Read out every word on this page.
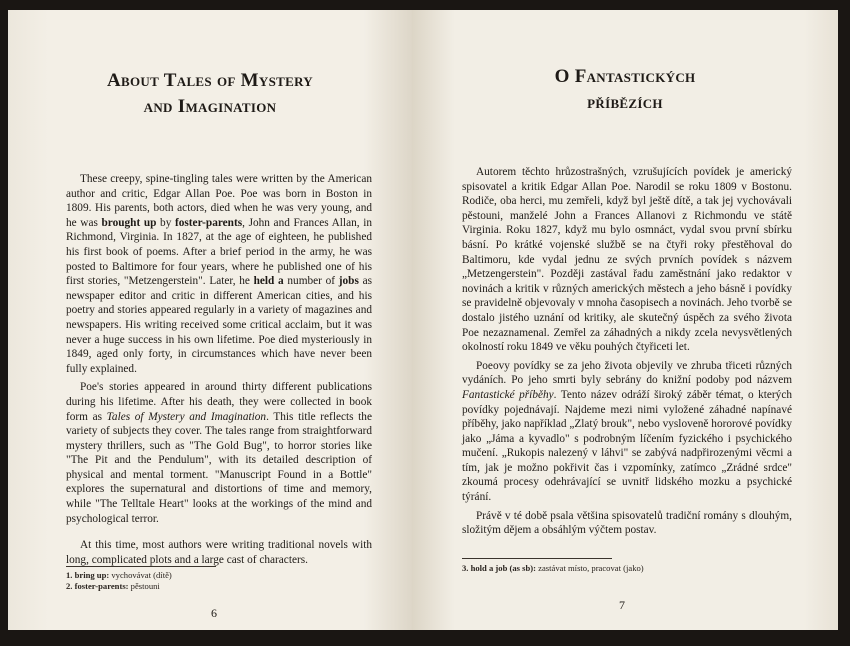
About Tales of Mystery
and Imagination

These creepy, spine-tingling tales were written by the American author and critic, Edgar Allan Poe. Poe was born in Boston in 1809. His parents, both actors, died when he was very young, and he was brought up by foster-parents, John and Frances Allan, in Richmond, Virginia. In 1827, at the age of eighteen, he published his first book of poems. After a brief period in the army, he was posted to Baltimore for four years, where he published one of his first stories, "Metzengerstein". Later, he held a number of jobs as newspaper editor and critic in different American cities, and his poetry and stories appeared regularly in a variety of magazines and newspapers. His writing received some critical acclaim, but it was never a huge success in his own lifetime. Poe died mysteriously in 1849, aged only forty, in circumstances which have never been fully explained.

Poe's stories appeared in around thirty different publications during his lifetime. After his death, they were collected in book form as Tales of Mystery and Imagination. This title reflects the variety of subjects they cover. The tales range from straightforward mystery thrillers, such as "The Gold Bug", to horror stories like "The Pit and the Pendulum", with its detailed description of physical and mental torment. "Manuscript Found in a Bottle" explores the supernatural and distortions of time and memory, while "The Telltale Heart" looks at the workings of the mind and psychological terror.

At this time, most authors were writing traditional novels with long, complicated plots and a large cast of characters.

1. bring up: vychovávat (dítě)
2. foster-parents: pěstouni
6
O Fantastických
příbězích

Autorem těchto hrůzostrašných, vzrušujících povídek je americký spisovatel a kritik Edgar Allan Poe. Narodil se roku 1809 v Bostonu. Rodiče, oba herci, mu zemřeli, když byl ještě dítě, a tak jej vychovávali pěstouni, manželé John a Frances Allanovi z Richmondu ve státě Virginia. Roku 1827, když mu bylo osmnáct, vydal svou první sbírku básní. Po krátké vojenské službě se na čtyři roky přestěhoval do Baltimoru, kde vydal jednu ze svých prvních povídek s názvem „Metzengerstein". Později zastával řadu zaměstnání jako redaktor v novinách a kritik v různých amerických městech a jeho básně i povídky se pravidelně objevovaly v mnoha časopisech a novinách. Jeho tvorbě se dostalo jistého uznání od kritiky, ale skutečný úspěch za svého života Poe nezaznamenal. Zemřel za záhadných a nikdy zcela nevysvětlených okolností roku 1849 ve věku pouhých čtyřiceti let.

Poeovy povídky se za jeho života objevily ve zhruba třiceti různých vydáních. Po jeho smrti byly sebrány do knižní podoby pod názvem Fantastické příběhy. Tento název odráží široký záběr témat, o kterých povídky pojednávají. Najdeme mezi nimi vyložené záhadné napínavé příběhy, jako například „Zlatý brouk", nebo vysloveně hororové povídky jako „Jáma a kyvadlo" s podrobným líčením fyzického i psychického mučení. „Rukopis nalezený v láhvi" se zabývá nadpřirozenými věcmi a tím, jak je možno pokřivit čas i vzpomínky, zatímco „Zrádné srdce" zkoumá procesy odehrávající se uvnitř lidského mozku a psychické týrání.

Právě v té době psala většina spisovatelů tradiční romány s dlouhým, složitým dějem a obsáhlým výčtem postav.

3. hold a job (as sb): zastávat místo, pracovat (jako)
7
